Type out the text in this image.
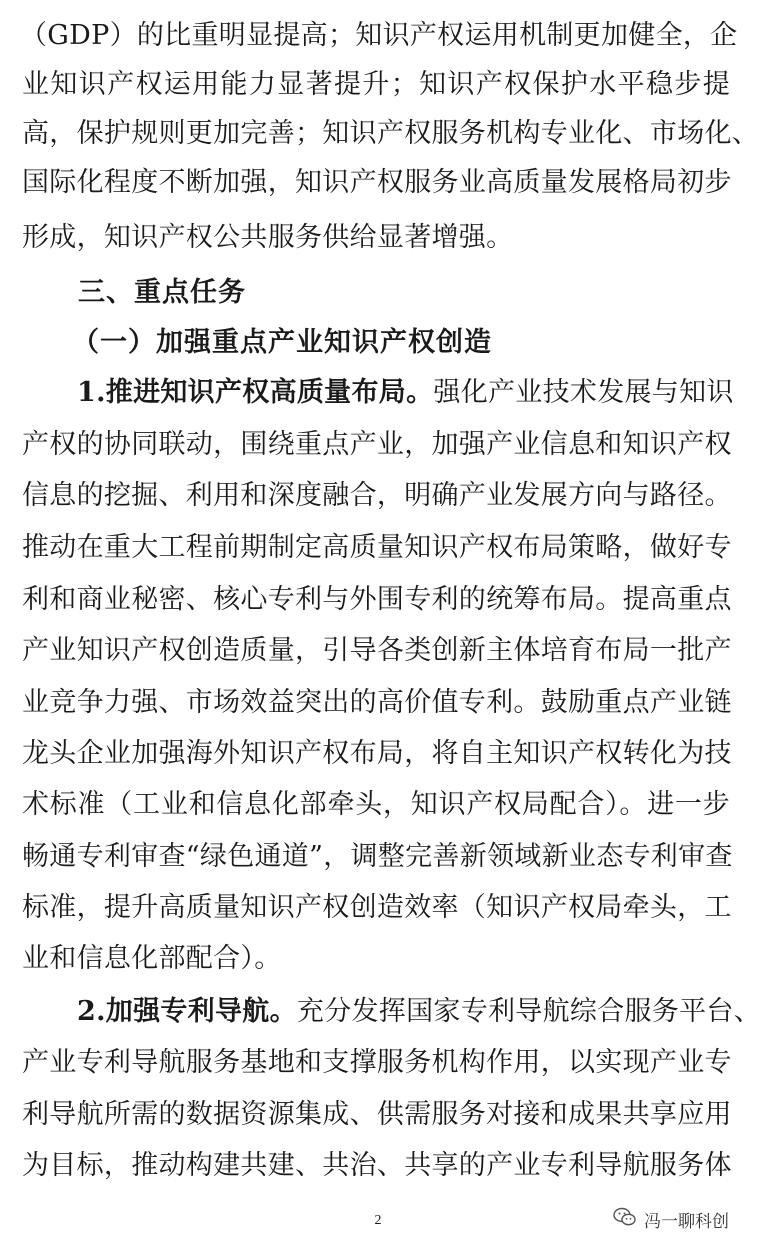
（GDP）的比重明显提高；知识产权运用机制更加健全，企
业知识产权运用能力显著提升；知识产权保护水平稳步提
高，保护规则更加完善；知识产权服务机构专业化、市场化、
国际化程度不断加强，知识产权服务业高质量发展格局初步
形成，知识产权公共服务供给显著增强。
三、重点任务
（一）加强重点产业知识产权创造
1.推进知识产权高质量布局。 强化产业技术发展与知识
产权的协同联动，围绕重点产业，加强产业信息和知识产权
信息的挖掘、利用和深度融合，明确产业发展方向与路径。
推动在重大工程前期制定高质量知识产权布局策略，做好专
利和商业秘密、核心专利与外围专利的统筹布局。提高重点
产业知识产权创造质量，引导各类创新主体培育布局一批产
业竞争力强、市场效益突出的高价值专利。鼓励重点产业链
龙头企业加强海外知识产权布局，将自主知识产权转化为技
术标准（工业和信息化部牵头，知识产权局配合）。进一步
畅通专利审查“绿色通道”，调整完善新领域新业态专利审查
标准，提升高质量知识产权创造效率（知识产权局牵头，工
业和信息化部配合）。
2.加强专利导航。 充分发挥国家专利导航综合服务平台、
产业专利导航服务基地和支撑服务机构作用，以实现产业专
利导航所需的数据资源集成、供需服务对接和成果共享应用
为目标，推动构建共建、共治、共享的产业专利导航服务体
2	冯一聊科创
